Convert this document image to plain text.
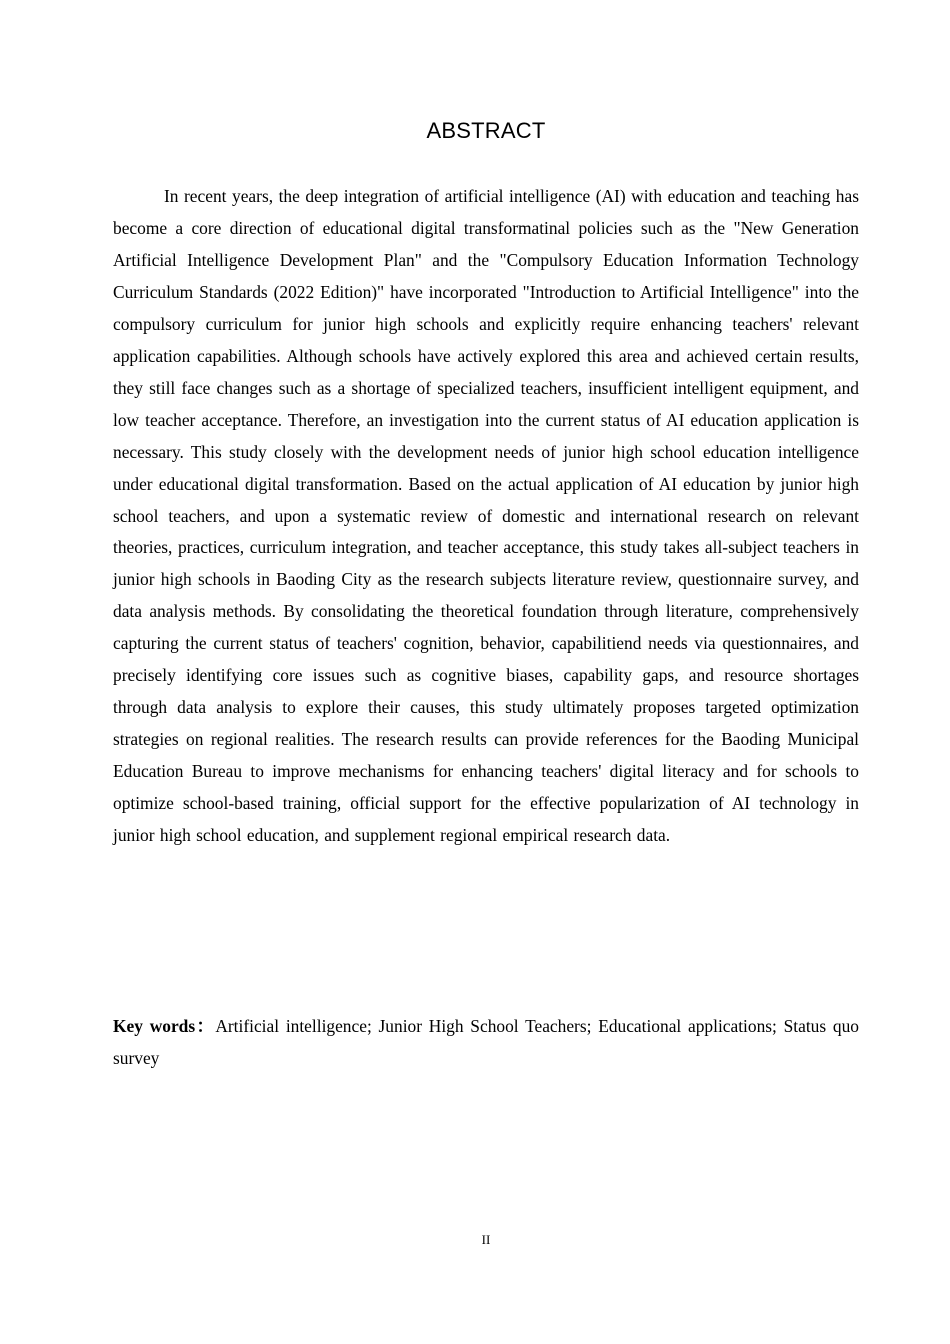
ABSTRACT

In recent years, the deep integration of artificial intelligence (AI) with education and teaching has become a core direction of educational digital transformatinal policies such as the "New Generation Artificial Intelligence Development Plan" and the "Compulsory Education Information Technology Curriculum Standards (2022 Edition)" have incorporated "Introduction to Artificial Intelligence" into the compulsory curriculum for junior high schools and explicitly require enhancing teachers' relevant application capabilities. Although schools have actively explored this area and achieved certain results, they still face changes such as a shortage of specialized teachers, insufficient intelligent equipment, and low teacher acceptance. Therefore, an investigation into the current status of AI education application is necessary. This study closely with the development needs of junior high school education intelligence under educational digital transformation. Based on the actual application of AI education by junior high school teachers, and upon a systematic review of domestic and international research on relevant theories, practices, curriculum integration, and teacher acceptance, this study takes all-subject teachers in junior high schools in Baoding City as the research subjects literature review, questionnaire survey, and data analysis methods. By consolidating the theoretical foundation through literature, comprehensively capturing the current status of teachers' cognition, behavior, capabilitiend needs via questionnaires, and precisely identifying core issues such as cognitive biases, capability gaps, and resource shortages through data analysis to explore their causes, this study ultimately proposes targeted optimization strategies on regional realities. The research results can provide references for the Baoding Municipal Education Bureau to improve mechanisms for enhancing teachers' digital literacy and for schools to optimize school-based training, official support for the effective popularization of AI technology in junior high school education, and supplement regional empirical research data.

Key words：Artificial intelligence; Junior High School Teachers; Educational applications; Status quo survey

II
